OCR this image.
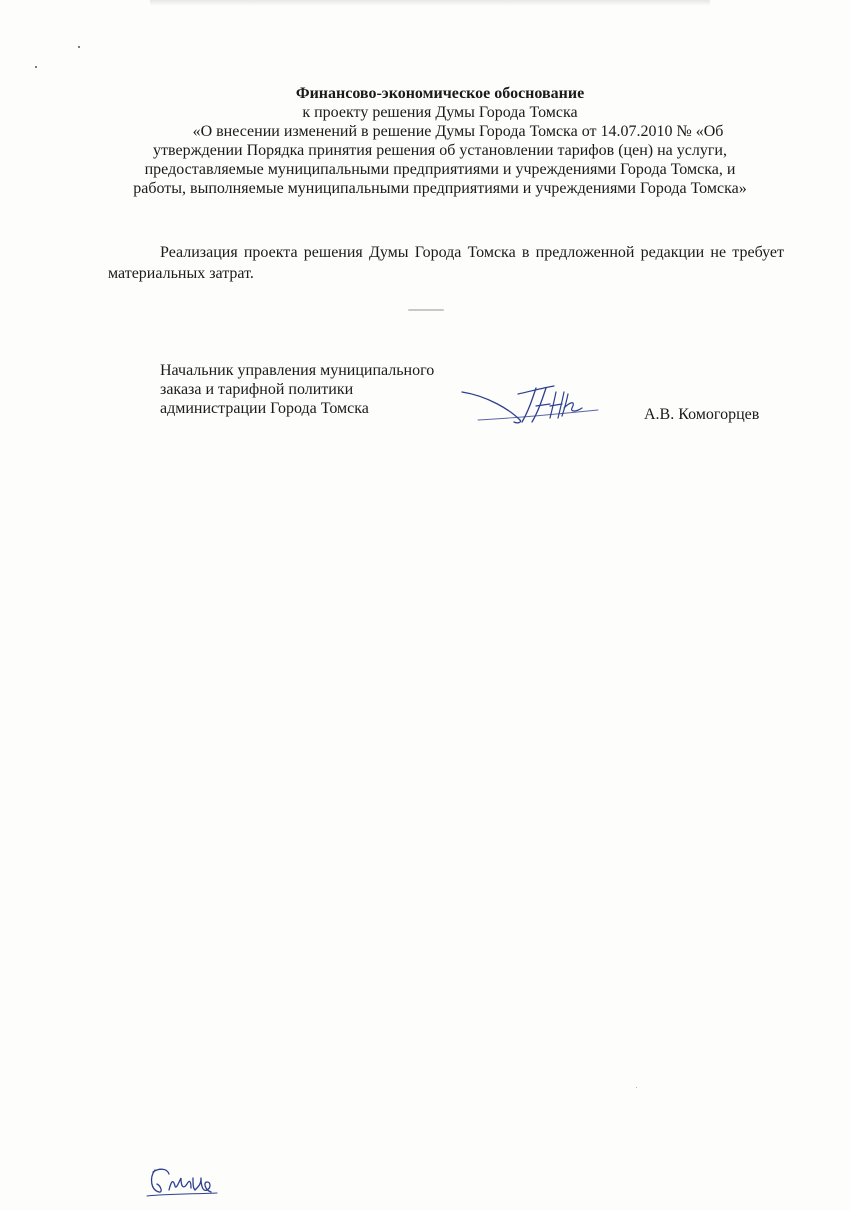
Финансово-экономическое обоснование
к проекту решения Думы Города Томска
«О внесении изменений в решение Думы Города Томска от 14.07.2010 № «Об
утверждении Порядка принятия решения об установлении тарифов (цен) на услуги,
предоставляемые муниципальными предприятиями и учреждениями Города Томска, и
работы, выполняемые муниципальными предприятиями и учреждениями Города Томска»
Реализация проекта решения Думы Города Томска в предложенной редакции не требует материальных затрат.
Начальник управления муниципального
заказа и тарифной политики
администрации Города Томска	А.В. Комогорцев
